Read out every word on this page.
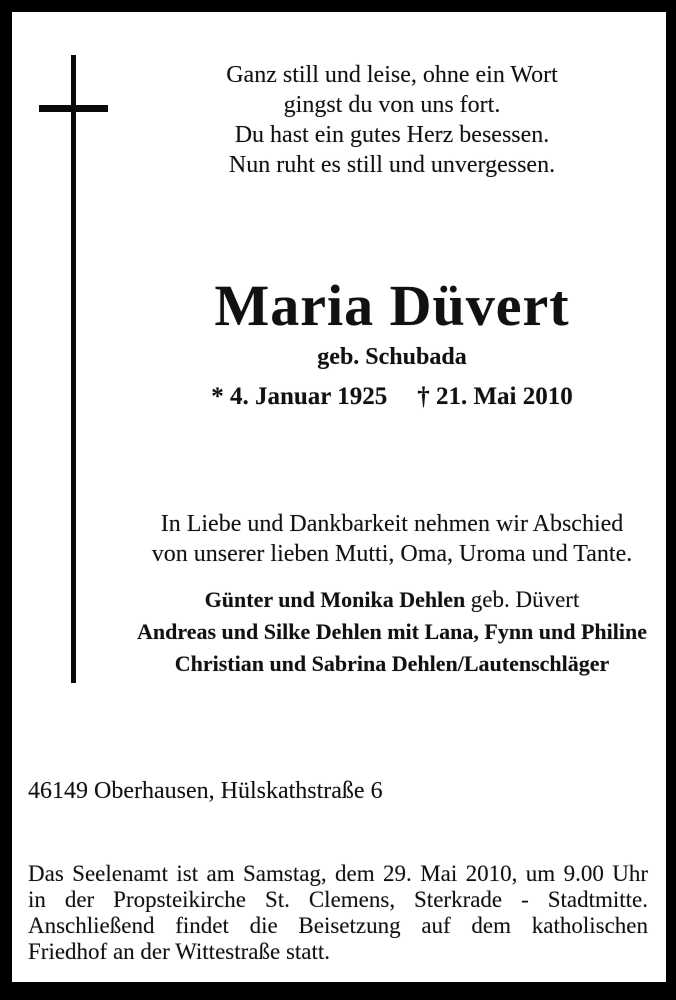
Ganz still und leise, ohne ein Wort
gingst du von uns fort.
Du hast ein gutes Herz besessen.
Nun ruht es still und unvergessen.
Maria Düvert
geb. Schubada
* 4. Januar 1925 † 21. Mai 2010
In Liebe und Dankbarkeit nehmen wir Abschied
von unserer lieben Mutti, Oma, Uroma und Tante.
Günter und Monika Dehlen geb. Düvert
Andreas und Silke Dehlen mit Lana, Fynn und Philine
Christian und Sabrina Dehlen/Lautenschläger
46149 Oberhausen, Hülskathstraße 6
Das Seelenamt ist am Samstag, dem 29. Mai 2010, um 9.00 Uhr
in der Propsteikirche St. Clemens, Sterkrade - Stadtmitte.
Anschließend findet die Beisetzung auf dem katholischen
Friedhof an der Wittestraße statt.
